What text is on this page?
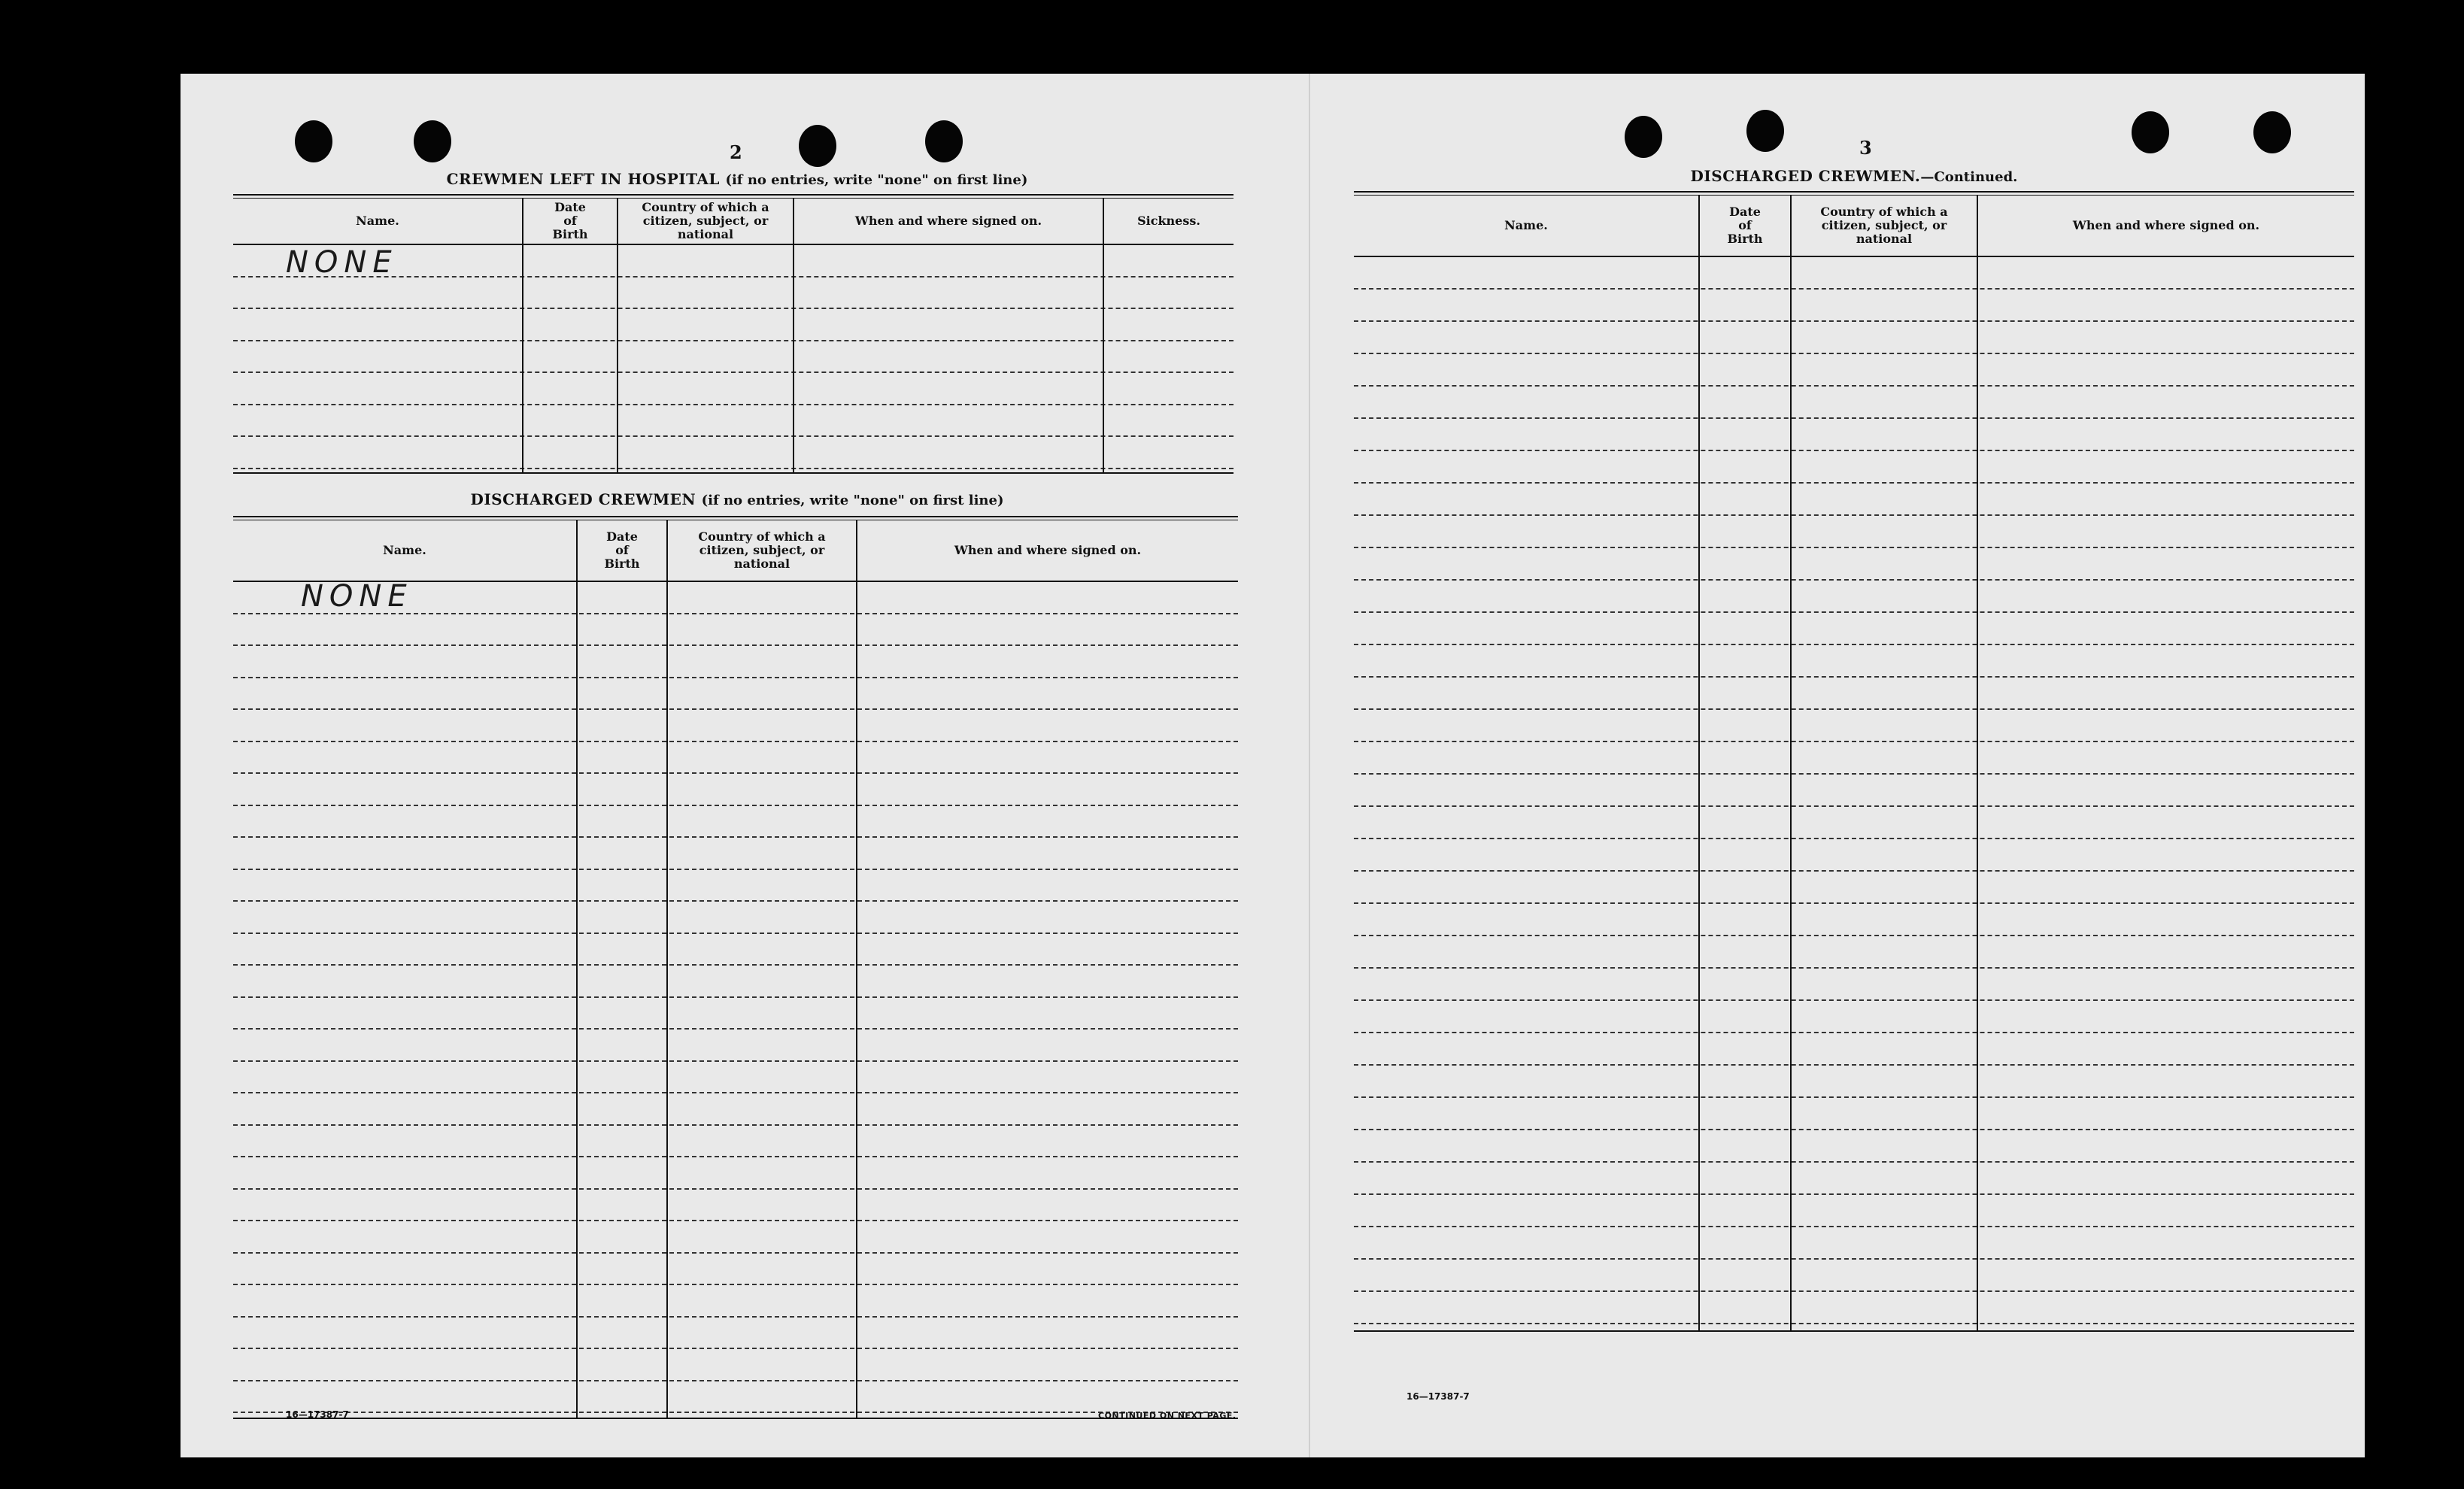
2
CREWMEN LEFT IN HOSPITAL (if no entries, write "none" on first line)
Name.
Date
of
Birth
Country of which a
citizen, subject, or
national
When and where signed on.	Sickness.
NONE
DISCHARGED CREWMEN (if no entries, write "none" on first line)
Name.
Date
of
Birth
Country of which a
citizen, subject, or
national
When and where signed on.
NONE
16—17387-7	CONTINUED ON NEXT PAGE.
3
DISCHARGED CREWMEN.—Continued.
Name.
Date
of
Birth
Country of which a
citizen, subject, or
national
When and where signed on.
16—17387-7
